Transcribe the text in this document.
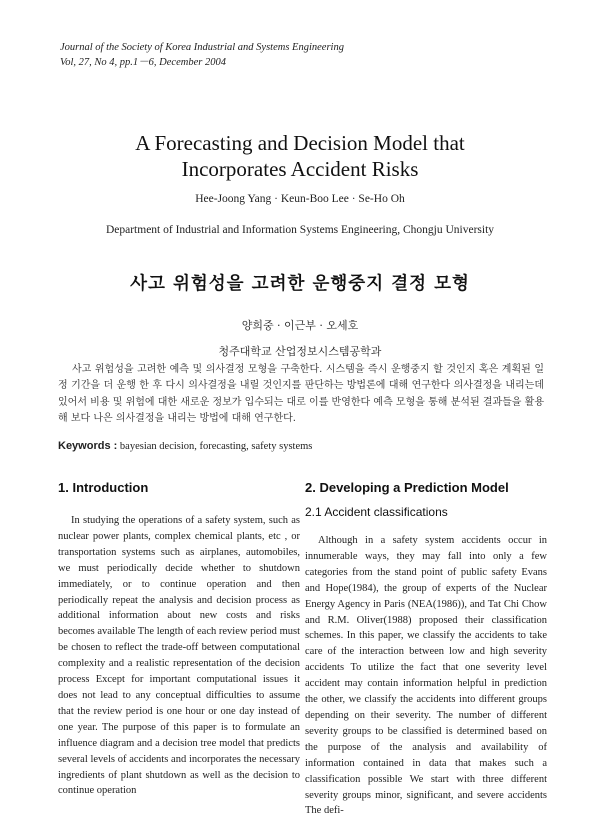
Journal of the Society of Korea Industrial and Systems Engineering
Vol, 27, No 4, pp.1－6, December 2004
A Forecasting and Decision Model that
Incorporates Accident Risks
Hee-Joong Yang · Keun-Boo Lee · Se-Ho Oh
Department of Industrial and Information Systems Engineering, Chongju University
사고 위험성을 고려한 운행중지 결정 모형
양희중 · 이근부 · 오세호
청주대학교 산업정보시스템공학과
사고 위험성을 고려한 예측 및 의사결정 모형을 구축한다. 시스템을 즉시 운행중지 할 것인지 혹은 계획된 일정 기간을 더 운행 한 후 다시 의사결정을 내릴 것인지를 판단하는 방법론에 대해 연구한다 의사결정을 내리는데 있어서 비용 및 위험에 대한 새로운 정보가 입수되는 대로 이를 반영한다 예측 모형을 통해 분석된 결과들을 활용해 보다 나은 의사결정을 내리는 방법에 대해 연구한다.
Keywords : bayesian decision, forecasting, safety systems
1. Introduction

In studying the operations of a safety system, such as nuclear power plants, complex chemical plants, etc , or transportation systems such as airplanes, automobiles, we must periodically decide whether to shutdown immediately, or to continue operation and then periodically repeat the analysis and decision process as additional information about new costs and risks becomes available The length of each review period must be chosen to reflect the trade-off between computational complexity and a realistic representation of the decision process Except for important computational issues it does not lead to any conceptual difficulties to assume that the review period is one hour or one day instead of one year. The purpose of this paper is to formulate an influence diagram and a decision tree model that predicts several levels of accidents and incorporates the necessary ingredients of plant shutdown as well as the decision to continue operation

2. Developing a Prediction Model
2.1 Accident classifications

Although in a safety system accidents occur in innumerable ways, they may fall into only a few categories from the stand point of public safety Evans and Hope(1984), the group of experts of the Nuclear Energy Agency in Paris (NEA(1986)), and Tat Chi Chow and R.M. Oliver(1988) proposed their classification schemes. In this paper, we classify the accidents to take care of the interaction between low and high severity accidents To utilize the fact that one severity level accident may contain information helpful in prediction the other, we classify the accidents into different groups depending on their severity. The number of different severity groups to be classified is determined based on the purpose of the analysis and availability of information contained in data that makes such a classification possible We start with three different severity groups minor, significant, and severe accidents The defi-
